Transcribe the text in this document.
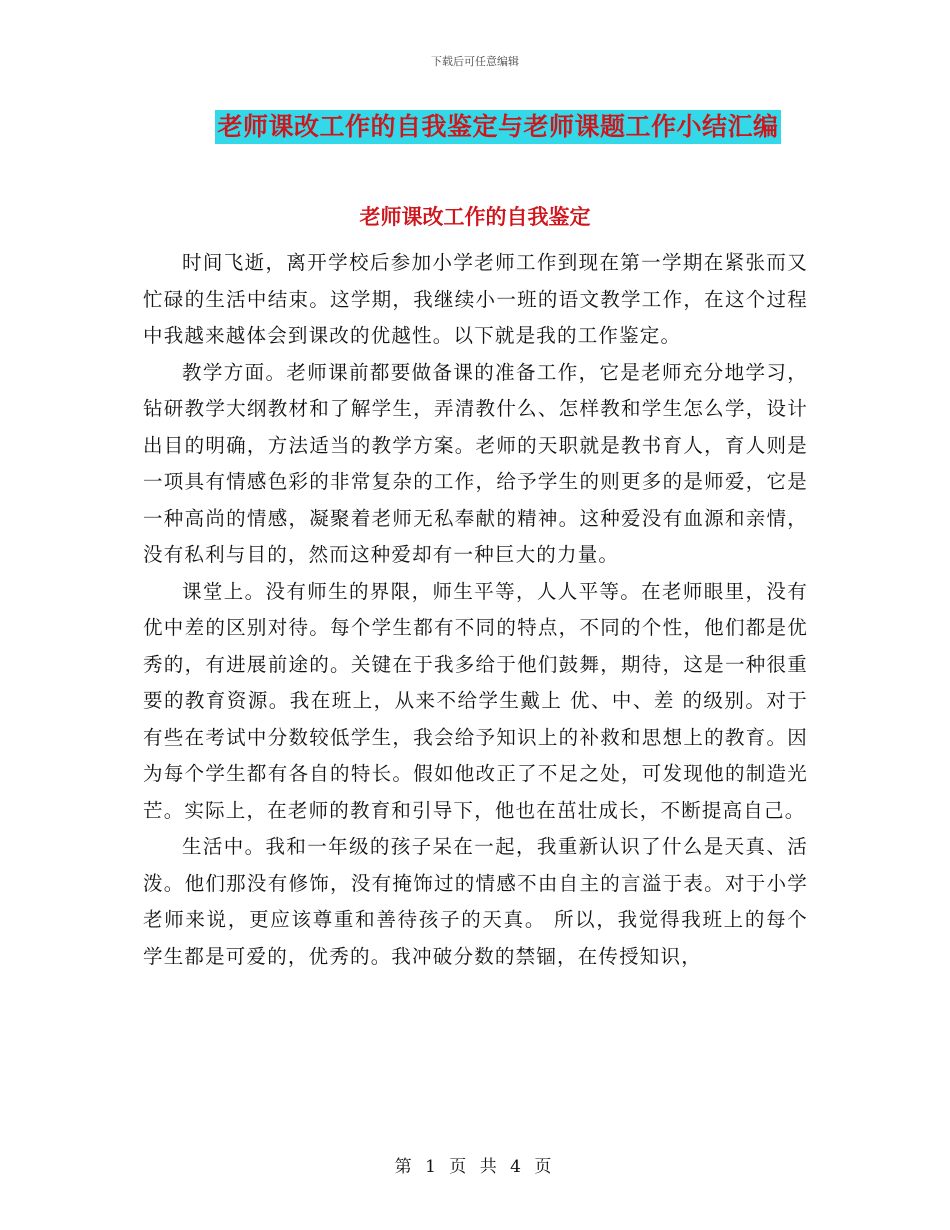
下载后可任意编辑
老师课改工作的自我鉴定与老师课题工作小结汇编
老师课改工作的自我鉴定

时间飞逝，离开学校后参加小学老师工作到现在第一学期在紧张而又忙碌的生活中结束。这学期，我继续小一班的语文教学工作，在这个过程中我越来越体会到课改的优越性。以下就是我的工作鉴定。

教学方面。老师课前都要做备课的准备工作，它是老师充分地学习，钻研教学大纲教材和了解学生，弄清教什么、怎样教和学生怎么学，设计出目的明确，方法适当的教学方案。老师的天职就是教书育人，育人则是一项具有情感色彩的非常复杂的工作，给予学生的则更多的是师爱，它是一种高尚的情感，凝聚着老师无私奉献的精神。这种爱没有血源和亲情，没有私利与目的，然而这种爱却有一种巨大的力量。

课堂上。没有师生的界限，师生平等，人人平等。在老师眼里，没有优中差的区别对待。每个学生都有不同的特点，不同的个性，他们都是优秀的，有进展前途的。关键在于我多给于他们鼓舞，期待，这是一种很重要的教育资源。我在班上，从来不给学生戴上 优、中、差 的级别。对于有些在考试中分数较低学生，我会给予知识上的补救和思想上的教育。因为每个学生都有各自的特长。假如他改正了不足之处，可发现他的制造光芒。实际上，在老师的教育和引导下，他也在茁壮成长，不断提高自己。

生活中。我和一年级的孩子呆在一起，我重新认识了什么是天真、活泼。他们那没有修饰，没有掩饰过的情感不由自主的言溢于表。对于小学老师来说，更应该尊重和善待孩子的天真。 所以，我觉得我班上的每个学生都是可爱的，优秀的。我冲破分数的禁锢，在传授知识，

第 1 页 共 4 页
